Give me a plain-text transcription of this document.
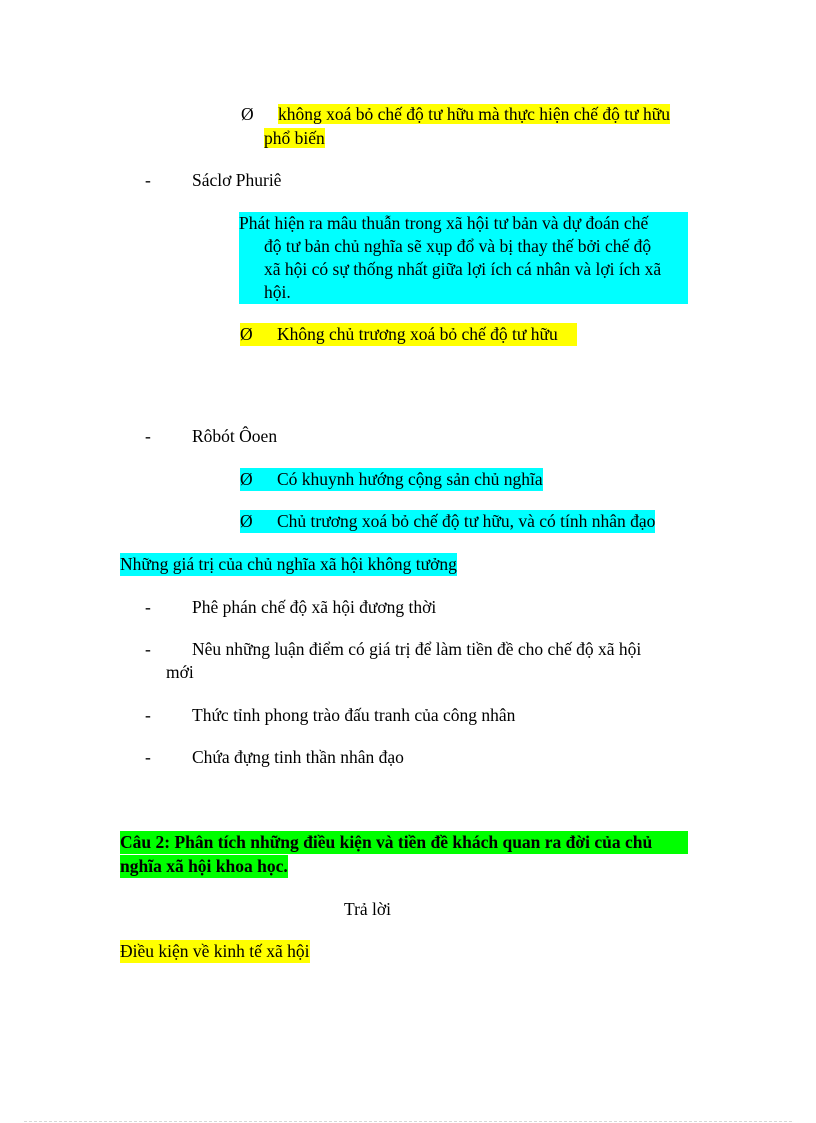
Ø không xoá bỏ chế độ tư hữu mà thực hiện chế độ tư hữu
phổ biến
- Sáclơ Phuriê
Phát hiện ra mâu thuẫn trong xã hội tư bản và dự đoán chế
độ tư bản chủ nghĩa sẽ xụp đổ và bị thay thế bởi chế độ
xã hội có sự thống nhất giữa lợi ích cá nhân và lợi ích xã
hội.
Ø Không chủ trương xoá bỏ chế độ tư hữu
- Rôbót Ôoen
Ø Có khuynh hướng cộng sản chủ nghĩa
Ø Chủ trương xoá bỏ chế độ tư hữu, và có tính nhân đạo
Những giá trị của chủ nghĩa xã hội không tưởng
- Phê phán chế độ xã hội đương thời
- Nêu những luận điểm có giá trị để làm tiền đề cho chế độ xã hội
mới
- Thức tỉnh phong trào đấu tranh của công nhân
- Chứa đựng tinh thần nhân đạo
Câu 2: Phân tích những điều kiện và tiền đề khách quan ra đời của chủ
nghĩa xã hội khoa học.
Trả lời
Điều kiện về kinh tế xã hội
